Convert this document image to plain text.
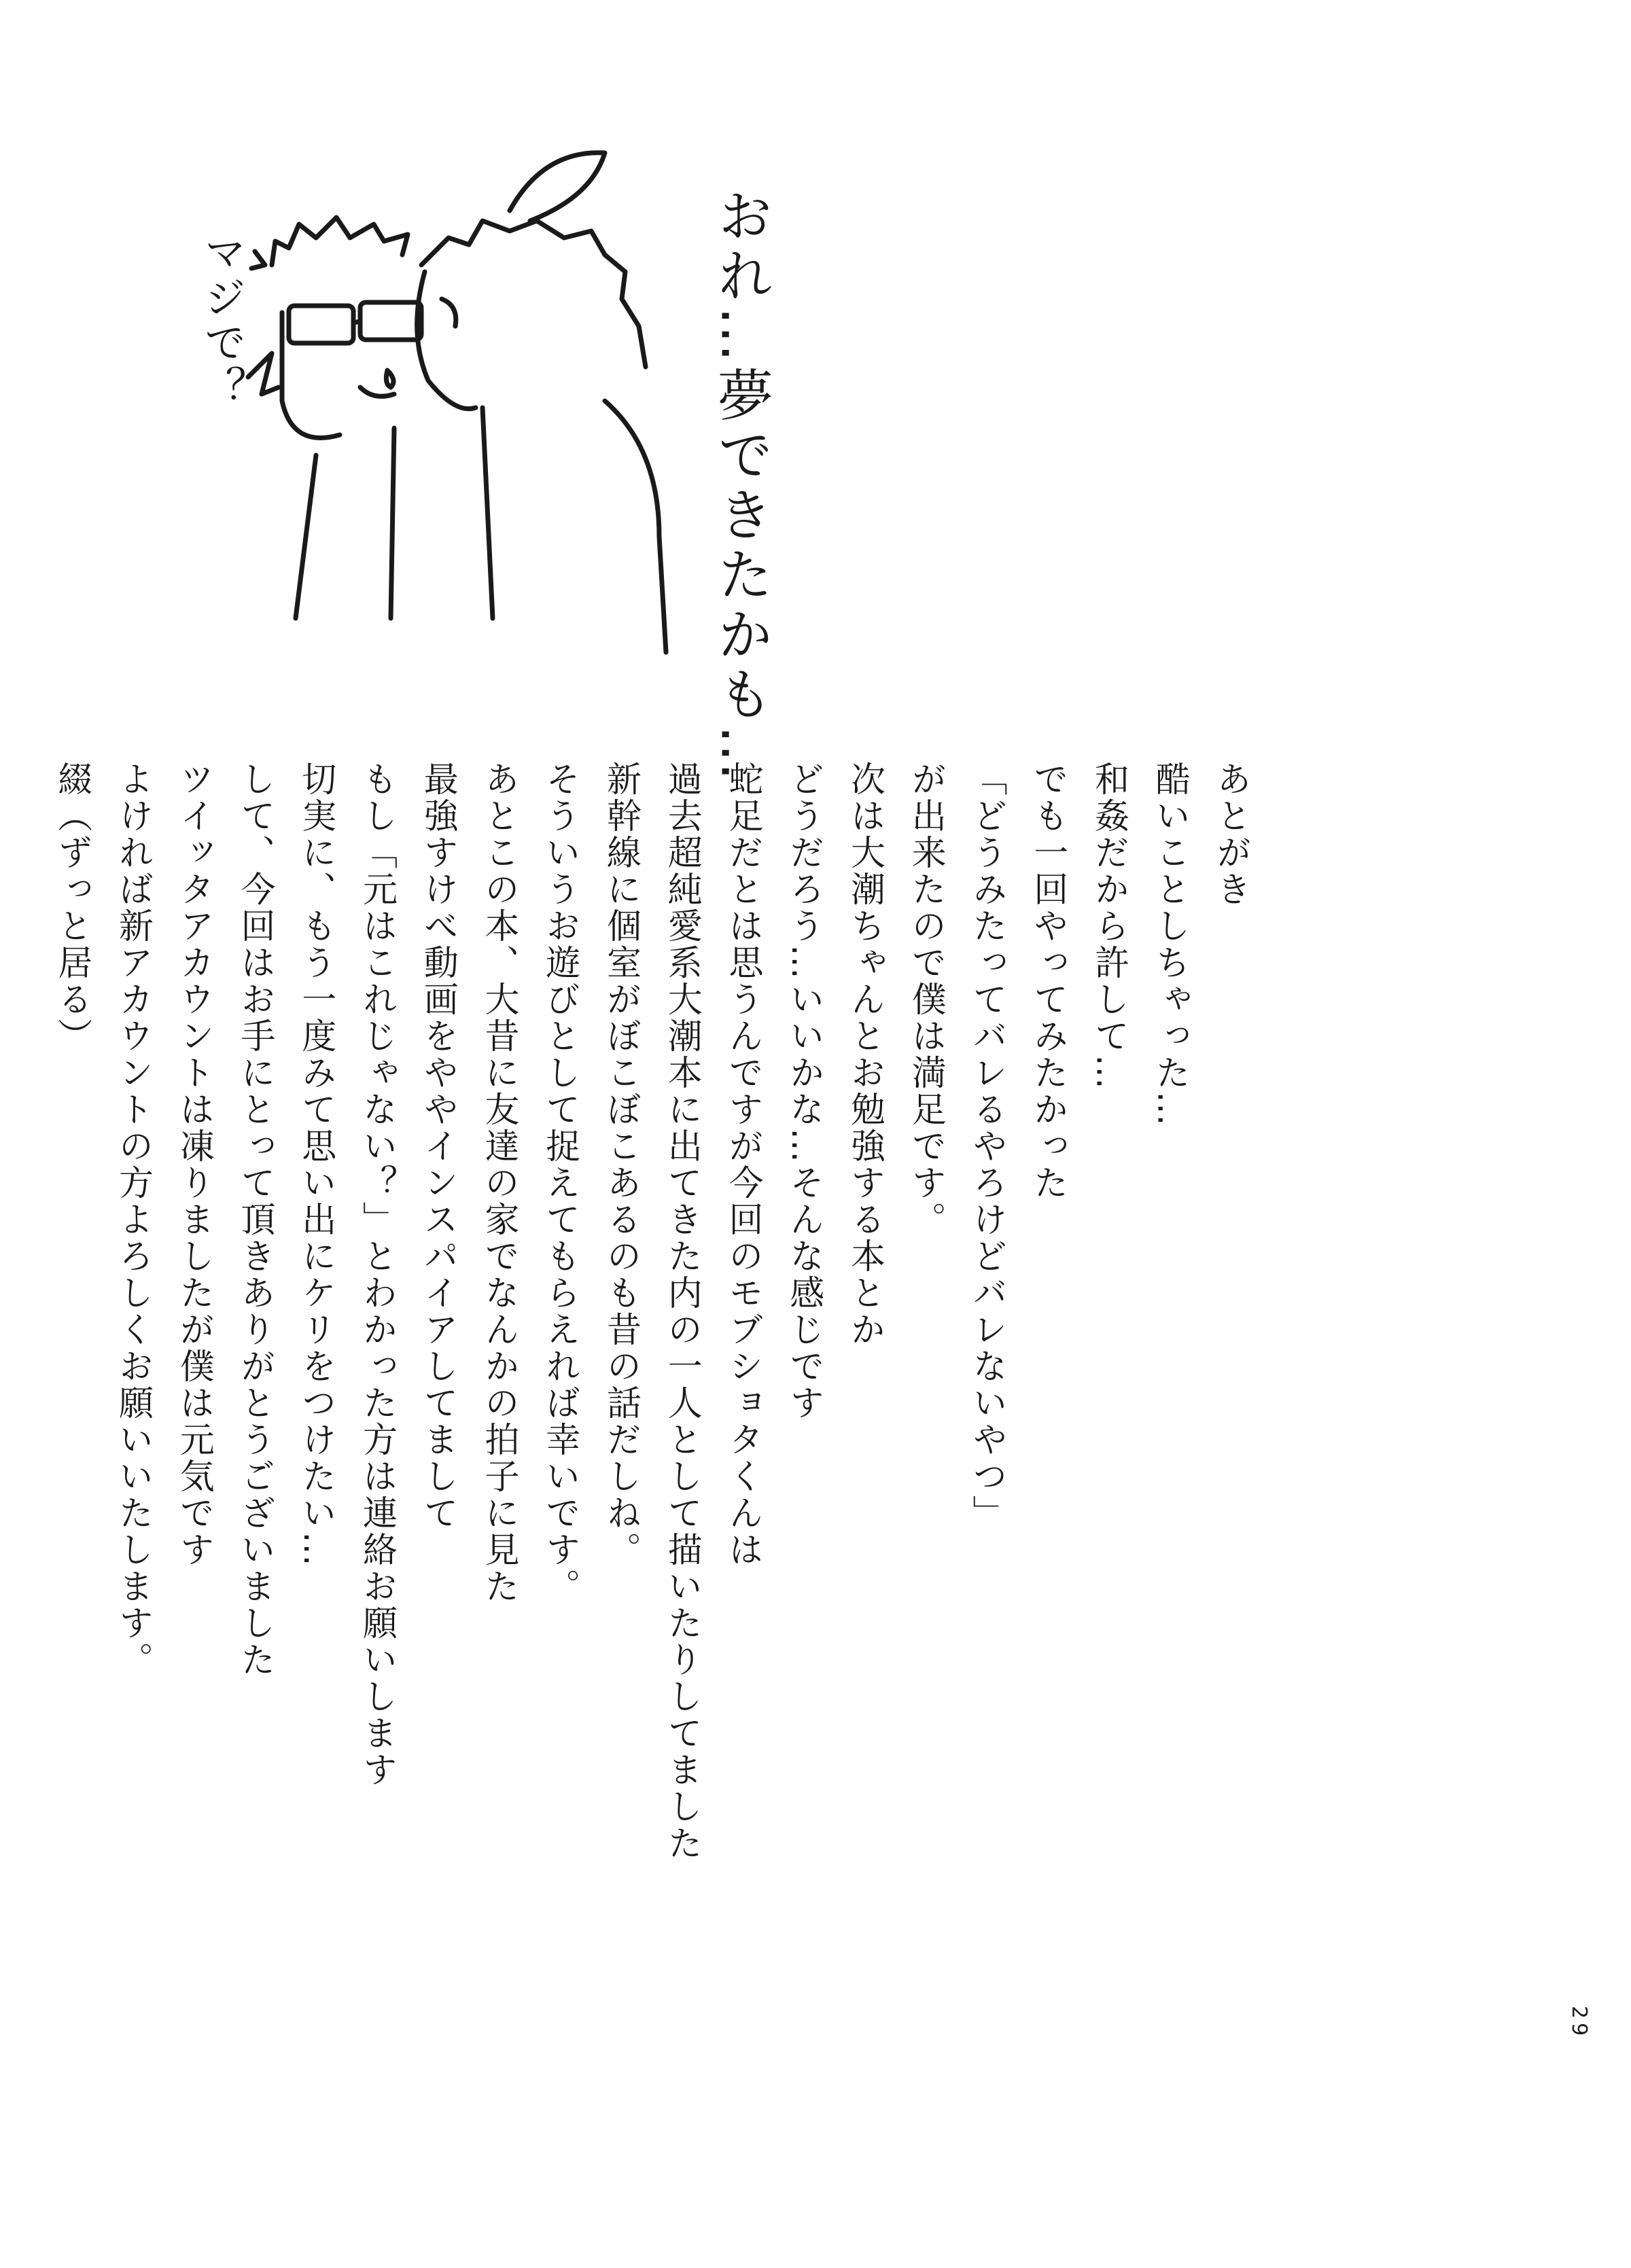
おれ…夢できたかも…
マジで？
あとがき
酷いことしちゃった…
和姦だから許して…
でも一回やってみたかった
「どうみたってバレるやろけどバレないやつ」
が出来たので僕は満足です。
次は大潮ちゃんとお勉強する本とか
どうだろう…いいかな…そんな感じです
蛇足だとは思うんですが今回のモブショタくんは
過去超純愛系大潮本に出てきた内の一人として描いたりしてました
新幹線に個室がぼこぼこあるのも昔の話だしね。
そういうお遊びとして捉えてもらえれば幸いです。
あとこの本、大昔に友達の家でなんかの拍子に見た
最強すけべ動画をややインスパイアしてまして
もし「元はこれじゃない？」とわかった方は連絡お願いします
切実に、もう一度みて思い出にケリをつけたい…
して、今回はお手にとって頂きありがとうございました
ツイッタアカウントは凍りましたが僕は元気です
よければ新アカウントの方よろしくお願いいたします。
綴（ずっと居る）
29
